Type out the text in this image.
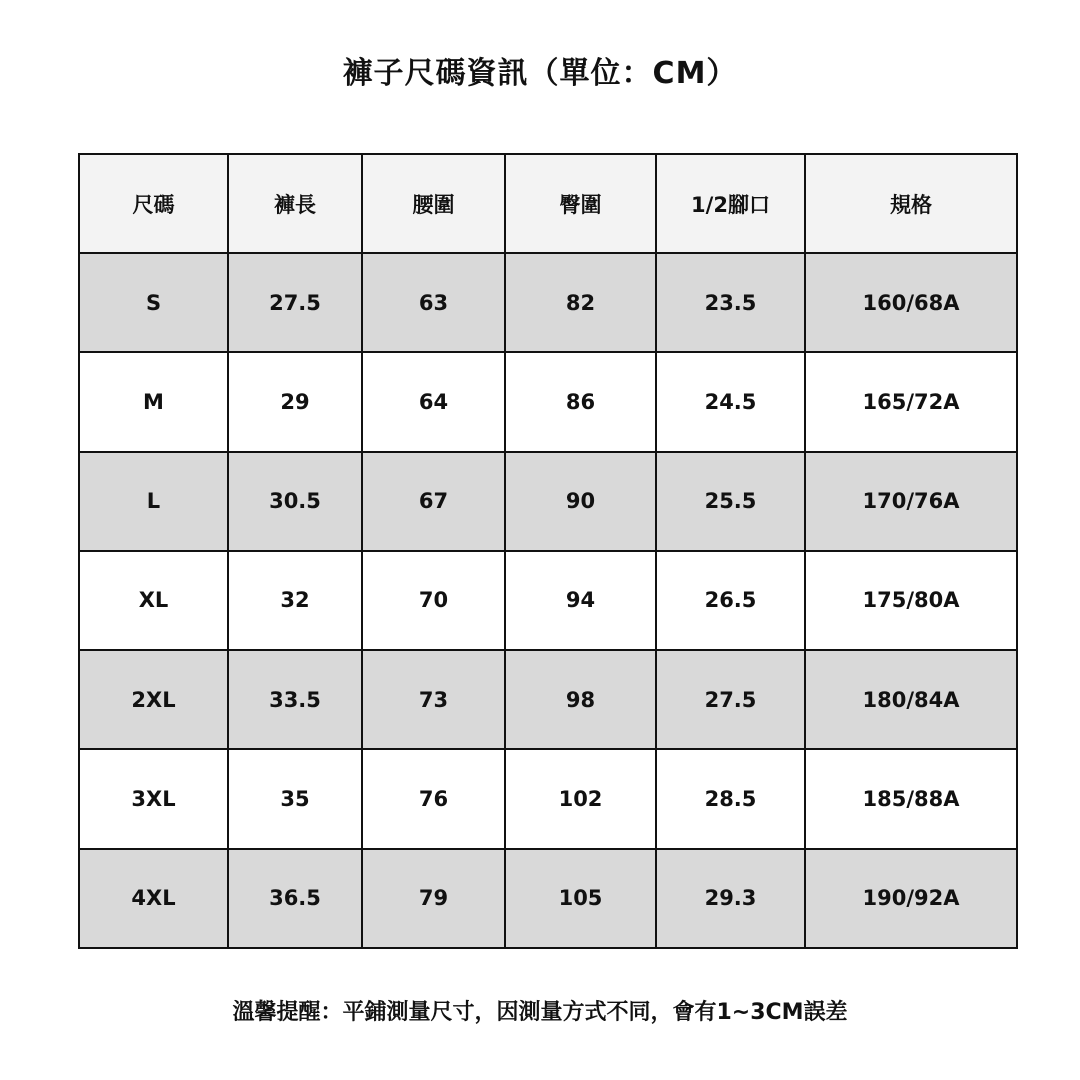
褲子尺碼資訊（單位：CM）
尺碼	褲長	腰圍	臀圍	1/2腳口	規格
S	27.5	63	82	23.5	160/68A
M	29	64	86	24.5	165/72A
L	30.5	67	90	25.5	170/76A
XL	32	70	94	26.5	175/80A
2XL	33.5	73	98	27.5	180/84A
3XL	35	76	102	28.5	185/88A
4XL	36.5	79	105	29.3	190/92A
溫馨提醒：平鋪測量尺寸，因測量方式不同，會有1~3CM誤差
